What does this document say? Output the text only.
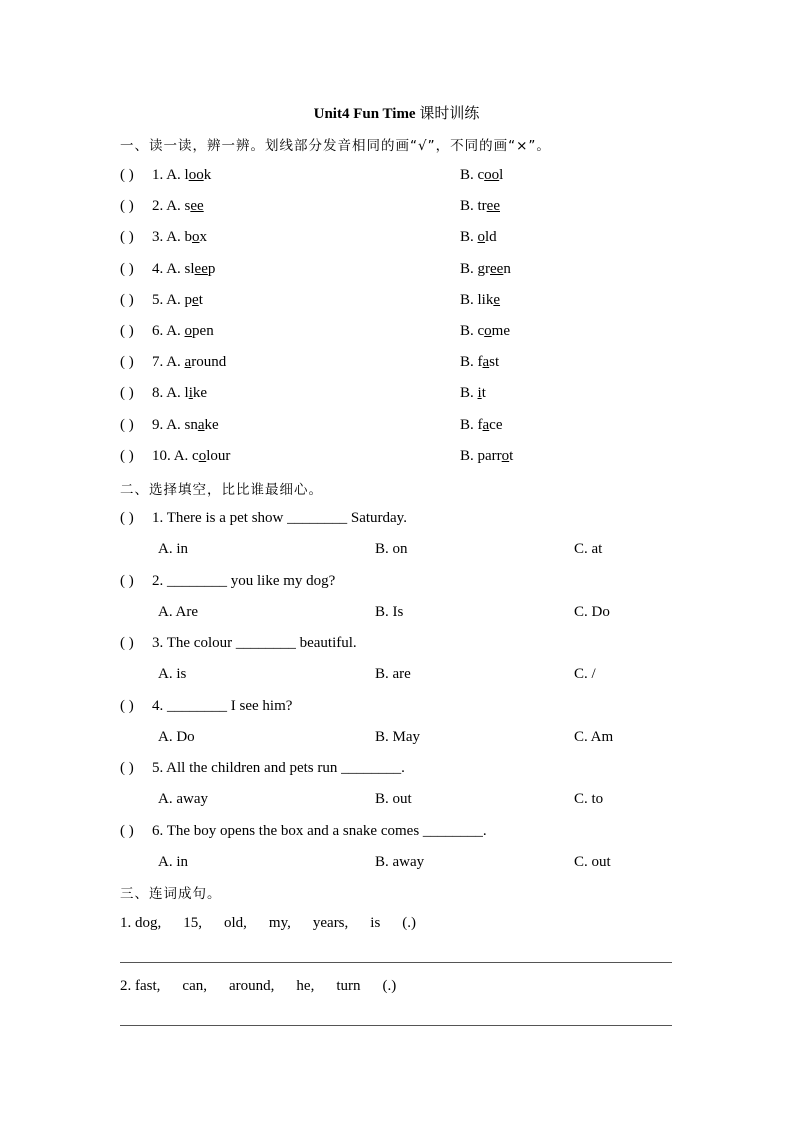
Unit4 Fun Time 课时训练
一、读一读，辨一辨。划线部分发音相同的画“√”，不同的画“×”。
( ) 1. A. look	B. cool
( ) 2. A. see	B. tree
( ) 3. A. box	B. old
( ) 4. A. sleep	B. green
( ) 5. A. pet	B. like
( ) 6. A. open	B. come
( ) 7. A. around	B. fast
( ) 8. A. like	B. it
( ) 9. A. snake	B. face
( ) 10. A. colour	B. parrot
二、选择填空，比比谁最细心。
( ) 1. There is a pet show ________ Saturday.
A. in	B. on	C. at
( ) 2. ________ you like my dog?
A. Are	B. Is	C. Do
( ) 3. The colour ________ beautiful.
A. is	B. are	C. /
( ) 4. ________ I see him?
A. Do	B. May	C. Am
( ) 5. All the children and pets run ________.
A. away	B. out	C. to
( ) 6. The boy opens the box and a snake comes ________.
A. in	B. away	C. out
三、连词成句。
1. dog, 15, old, my, years, is (.)
2. fast, can, around, he, turn (.)
